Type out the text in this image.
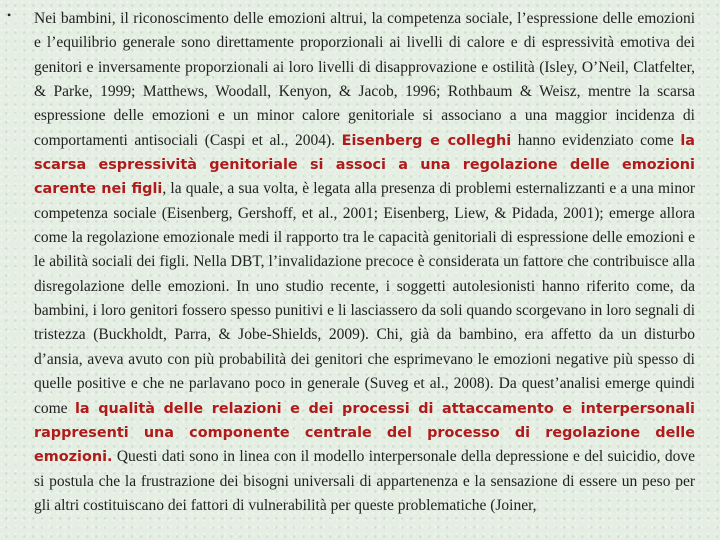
• Nei bambini, il riconoscimento delle emozioni altrui, la competenza sociale, l’espressione delle emozioni e l’equilibrio generale sono direttamente proporzionali ai livelli di calore e di espressività emotiva dei genitori e inversamente proporzionali ai loro livelli di disapprovazione e ostilità (Isley, O’Neil, Clatfelter, & Parke, 1999; Matthews, Woodall, Kenyon, & Jacob, 1996; Rothbaum & Weisz, mentre la scarsa espressione delle emozioni e un minor calore genitoriale si associano a una maggior incidenza di comportamenti antisociali (Caspi et al., 2004). Eisenberg e colleghi hanno evidenziato come la scarsa espressività genitoriale si associ a una regolazione delle emozioni carente nei figli, la quale, a sua volta, è legata alla presenza di problemi esternalizzanti e a una minor competenza sociale (Eisenberg, Gershoff, et al., 2001; Eisenberg, Liew, & Pidada, 2001); emerge allora come la regolazione emozionale medi il rapporto tra le capacità genitoriali di espressione delle emozioni e le abilità sociali dei figli. Nella DBT, l’invalidazione precoce è considerata un fattore che contribuisce alla disregolazione delle emozioni. In uno studio recente, i soggetti autolesionisti hanno riferito come, da bambini, i loro genitori fossero spesso punitivi e li lasciassero da soli quando scorgevano in loro segnali di tristezza (Buckholdt, Parra, & Jobe-Shields, 2009). Chi, già da bambino, era affetto da un disturbo d’ansia, aveva avuto con più probabilità dei genitori che esprimevano le emozioni negative più spesso di quelle positive e che ne parlavano poco in generale (Suveg et al., 2008). Da quest’analisi emerge quindi come la qualità delle relazioni e dei processi di attaccamento e interpersonali rappresenti una componente centrale del processo di regolazione delle emozioni. Questi dati sono in linea con il modello interpersonale della depressione e del suicidio, dove si postula che la frustrazione dei bisogni universali di appartenenza e la sensazione di essere un peso per gli altri costituiscano dei fattori di vulnerabilità per queste problematiche (Joiner,
